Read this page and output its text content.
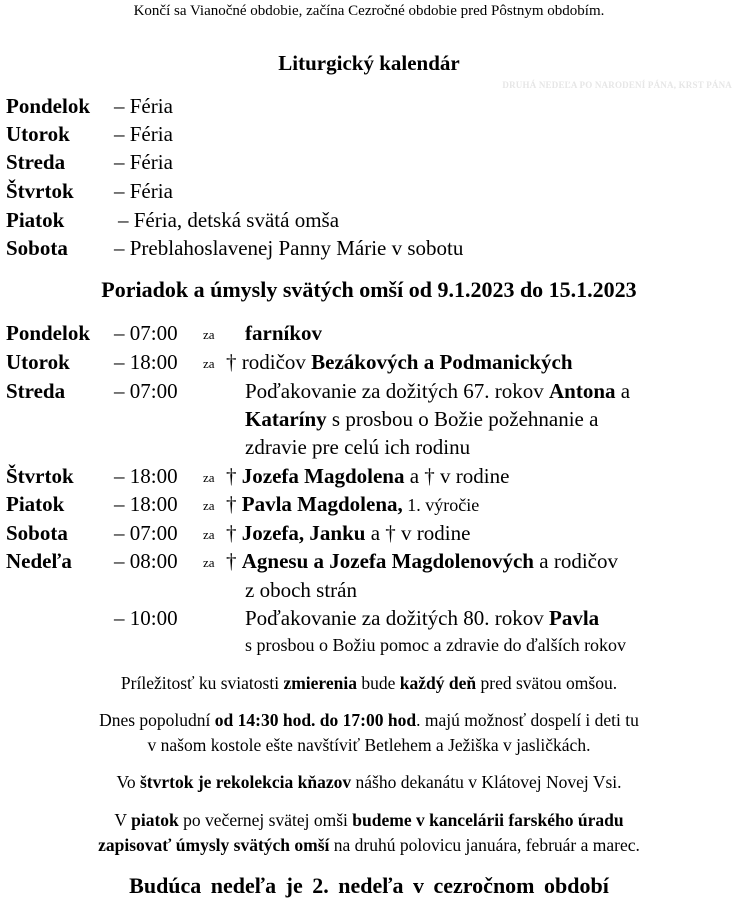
Končí sa Vianočné obdobie, začína Cezročné obdobie pred Pôstnym obdobím.
Liturgický kalendár
DRUHÁ NEDEĽA PO NARODENÍ PÁNA, KRST PÁNA
Pondelok – Féria
Utorok – Féria
Streda – Féria
Štvrtok – Féria
Piatok	– Féria, detská svätá omša
Sobota – Preblahoslavenej Panny Márie v sobotu
Poriadok a úmysly svätých omší od 9.1.2023 do 15.1.2023
Pondelok – 07:00 za farníkov
Utorok – 18:00 za † rodičov Bezákových a Podmanických
Streda – 07:00	Poďakovanie za dožitých 67. rokov Antona a
Kataríny s prosbou o Božie požehnanie a
zdravie pre celú ich rodinu
Štvrtok – 18:00 za † Jozefa Magdolena a † v rodine
Piatok – 18:00 za † Pavla Magdolena, 1. výročie
Sobota – 07:00 za † Jozefa, Janku a † v rodine
Nedeľa – 08:00 za † Agnesu a Jozefa Magdolenových a rodičov
z oboch strán
– 10:00	Poďakovanie za dožitých 80. rokov Pavla
s prosbou o Božiu pomoc a zdravie do ďalších rokov
Príležitosť ku sviatosti zmierenia bude každý deň pred svätou omšou.
Dnes popoludní od 14:30 hod. do 17:00 hod. majú možnosť dospelí i deti tu
v našom kostole ešte navštíviť Betlehem a Ježiška v jasličkách.
Vo štvrtok je rekolekcia kňazov nášho dekanátu v Klátovej Novej Vsi.
V piatok po večernej svätej omši budeme v kancelárii farského úradu
zapisovať úmysly svätých omší na druhú polovicu januára, február a marec.
Budúca nedeľa je 2. nedeľa v cezročnom období
